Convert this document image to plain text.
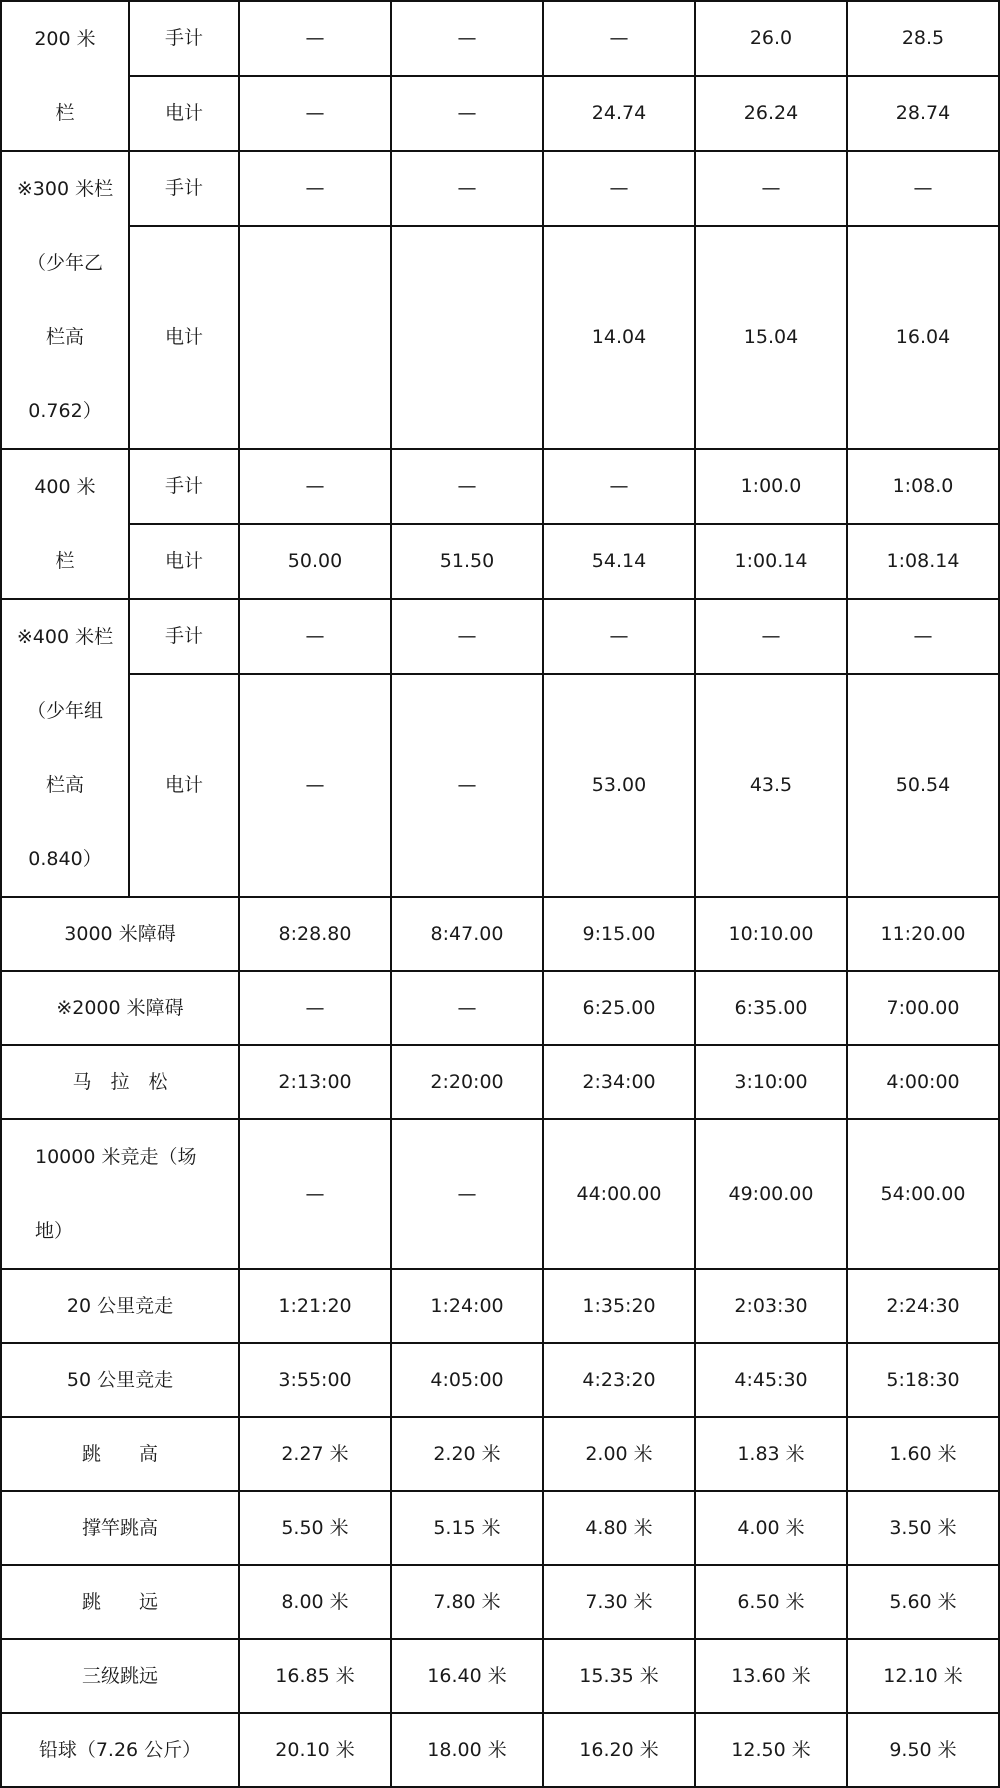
200 米
栏	手计	—	—	—	26.0	28.5
	电计	—	—	24.74	26.24	28.74

※300 米栏
（少年乙
栏高
0.762）	手计	—	—	—	—	—
	电计			14.04	15.04	16.04

400 米
栏	手计	—	—	—	1:00.0	1:08.0
	电计	50.00	51.50	54.14	1:00.14	1:08.14

※400 米栏
（少年组
栏高
0.840）	手计	—	—	—	—	—
	电计	—	—	53.00	43.5	50.54
3000 米障碍		8:28.80	8:47.00	9:15.00	10:10.00	11:20.00
※2000 米障碍		—	—	6:25.00	6:35.00	7:00.00
马　拉　松		2:13:00	2:20:00	2:34:00	3:10:00	4:00:00

10000 米竞走（场地）		—	—	44:00.00	49:00.00	54:00.00
20 公里竞走		1:21:20	1:24:00	1:35:20	2:03:30	2:24:30
50 公里竞走		3:55:00	4:05:00	4:23:20	4:45:30	5:18:30
跳　　高		2.27 米	2.20 米	2.00 米	1.83 米	1.60 米
撑竿跳高		5.50 米	5.15 米	4.80 米	4.00 米	3.50 米
跳　　远		8.00 米	7.80 米	7.30 米	6.50 米	5.60 米
三级跳远		16.85 米	16.40 米	15.35 米	13.60 米	12.10 米
铅球（7.26 公斤）		20.10 米	18.00 米	16.20 米	12.50 米	9.50 米
